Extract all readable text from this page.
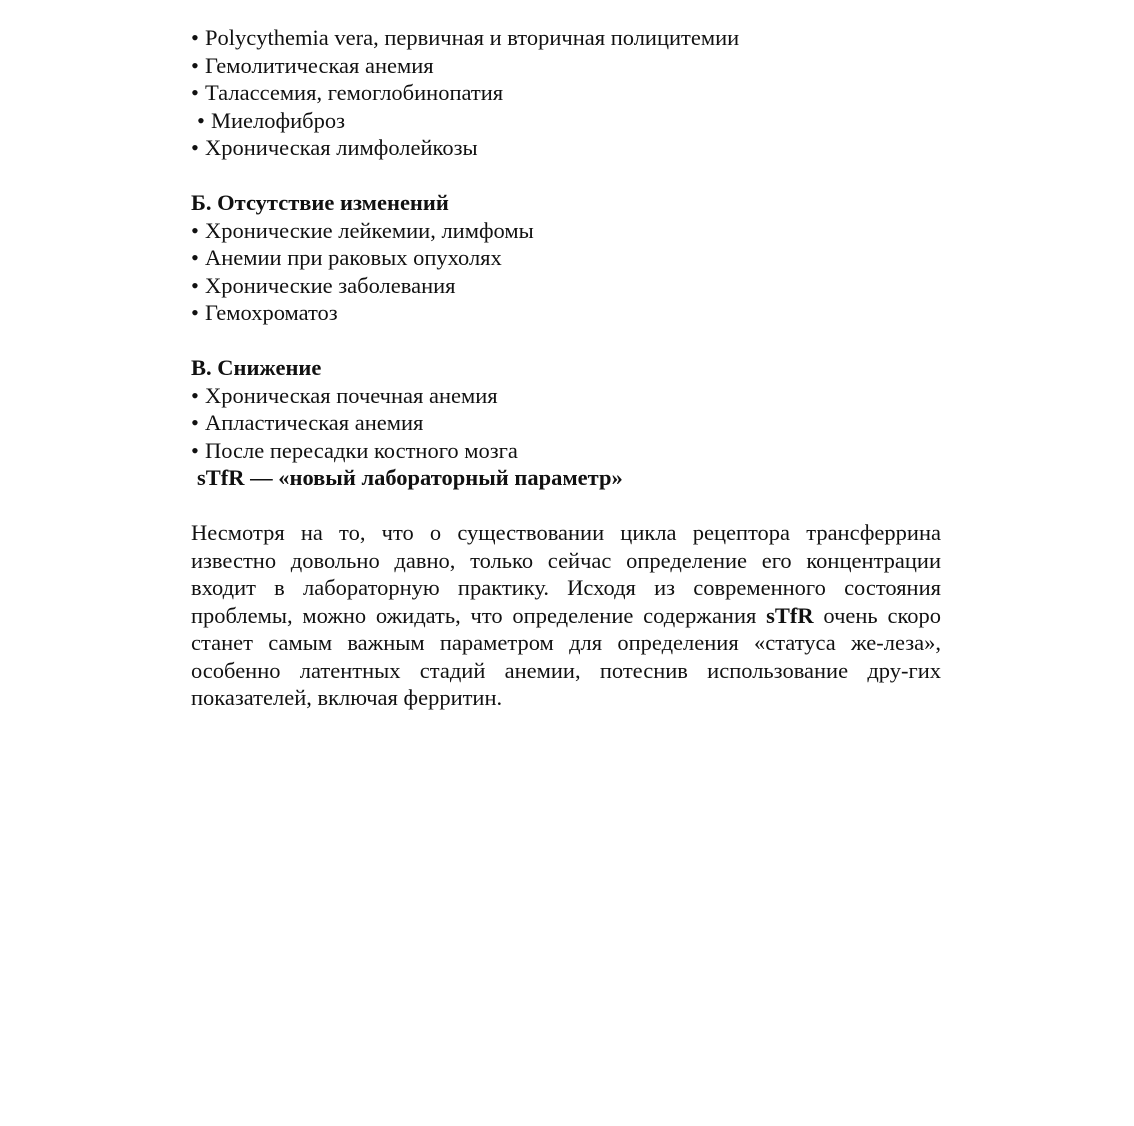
• Polycythemia vera, первичная и вторичная полицитемии
• Гемолитическая анемия
• Талассемия, гемоглобинопатия
• Миелофиброз
• Хроническая лимфолейкозы

Б. Отсутствие изменений

• Хронические лейкемии, лимфомы
• Анемии при раковых опухолях
• Хронические заболевания
• Гемохроматоз

В. Снижение

• Хроническая почечная анемия
• Апластическая анемия
• После пересадки костного мозга

sTfR — «новый лабораторный параметр»

Несмотря на то, что о существовании цикла рецептора трансферрина известно довольно давно, только сейчас определение его концентрации входит в лабораторную практику. Исходя из современного состояния проблемы, можно ожидать, что определение содержания sTfR очень скоро станет самым важным параметром для определения «статуса же-леза», особенно латентных стадий анемии, потеснив использование дру-гих показателей, включая ферритин.
